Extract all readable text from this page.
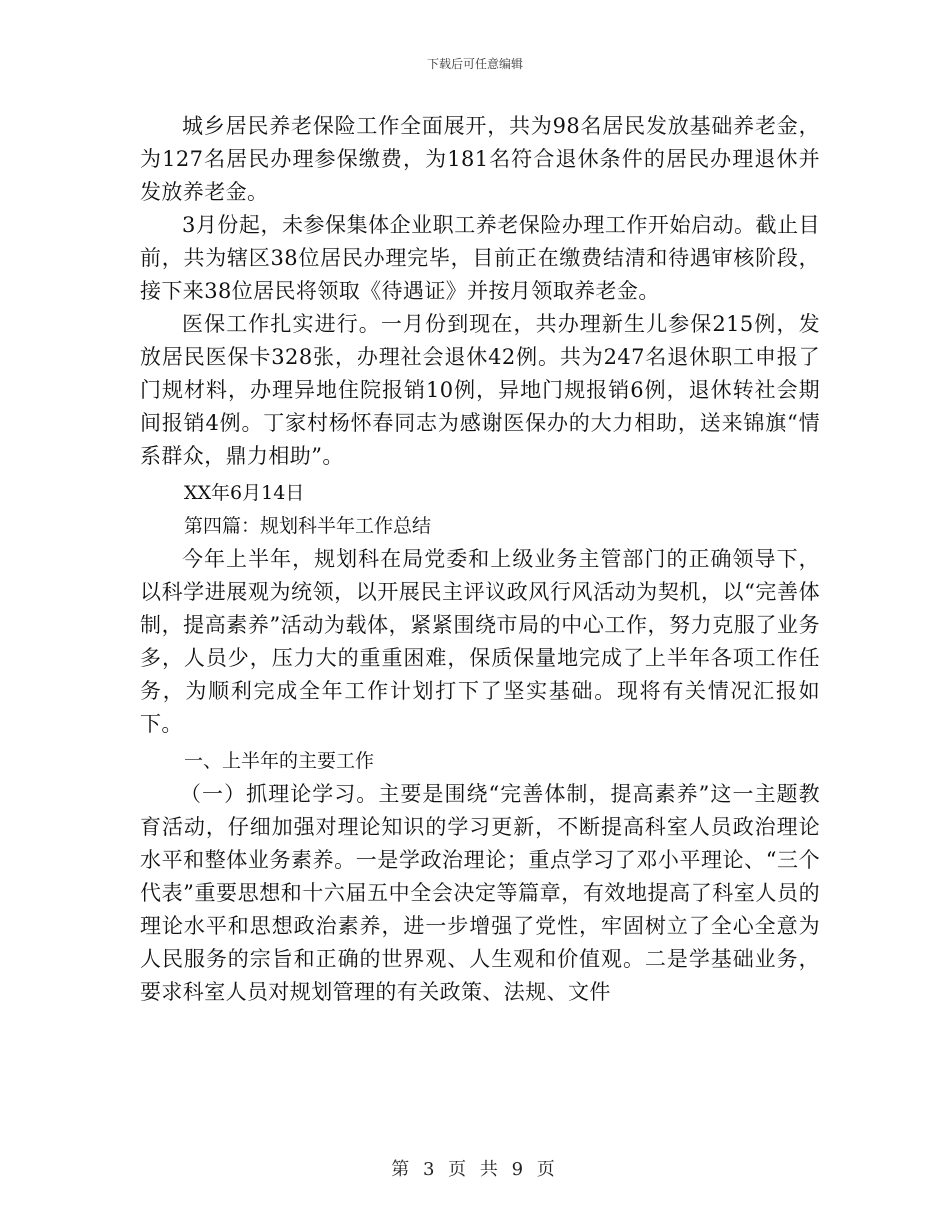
下载后可任意编辑

城乡居民养老保险工作全面展开，共为98名居民发放基础养老金，为127名居民办理参保缴费，为181名符合退休条件的居民办理退休并发放养老金。

3月份起，未参保集体企业职工养老保险办理工作开始启动。截止目前，共为辖区38位居民办理完毕，目前正在缴费结清和待遇审核阶段，接下来38位居民将领取《待遇证》并按月领取养老金。

医保工作扎实进行。一月份到现在，共办理新生儿参保215例，发放居民医保卡328张，办理社会退休42例。共为247名退休职工申报了门规材料，办理异地住院报销10例，异地门规报销6例，退休转社会期间报销4例。丁家村杨怀春同志为感谢医保办的大力相助，送来锦旗“情系群众，鼎力相助”。

XX年6月14日

第四篇：规划科半年工作总结

今年上半年，规划科在局党委和上级业务主管部门的正确领导下，以科学进展观为统领，以开展民主评议政风行风活动为契机，以“完善体制，提高素养”活动为载体，紧紧围绕市局的中心工作，努力克服了业务多，人员少，压力大的重重困难，保质保量地完成了上半年各项工作任务，为顺利完成全年工作计划打下了坚实基础。现将有关情况汇报如下。

一、上半年的主要工作

（一）抓理论学习。主要是围绕“完善体制，提高素养”这一主题教育活动，仔细加强对理论知识的学习更新，不断提高科室人员政治理论水平和整体业务素养。一是学政治理论；重点学习了邓小平理论、“三个代表”重要思想和十六届五中全会决定等篇章，有效地提高了科室人员的理论水平和思想政治素养，进一步增强了党性，牢固树立了全心全意为人民服务的宗旨和正确的世界观、人生观和价值观。二是学基础业务，要求科室人员对规划管理的有关政策、法规、文件

第 3 页 共 9 页
